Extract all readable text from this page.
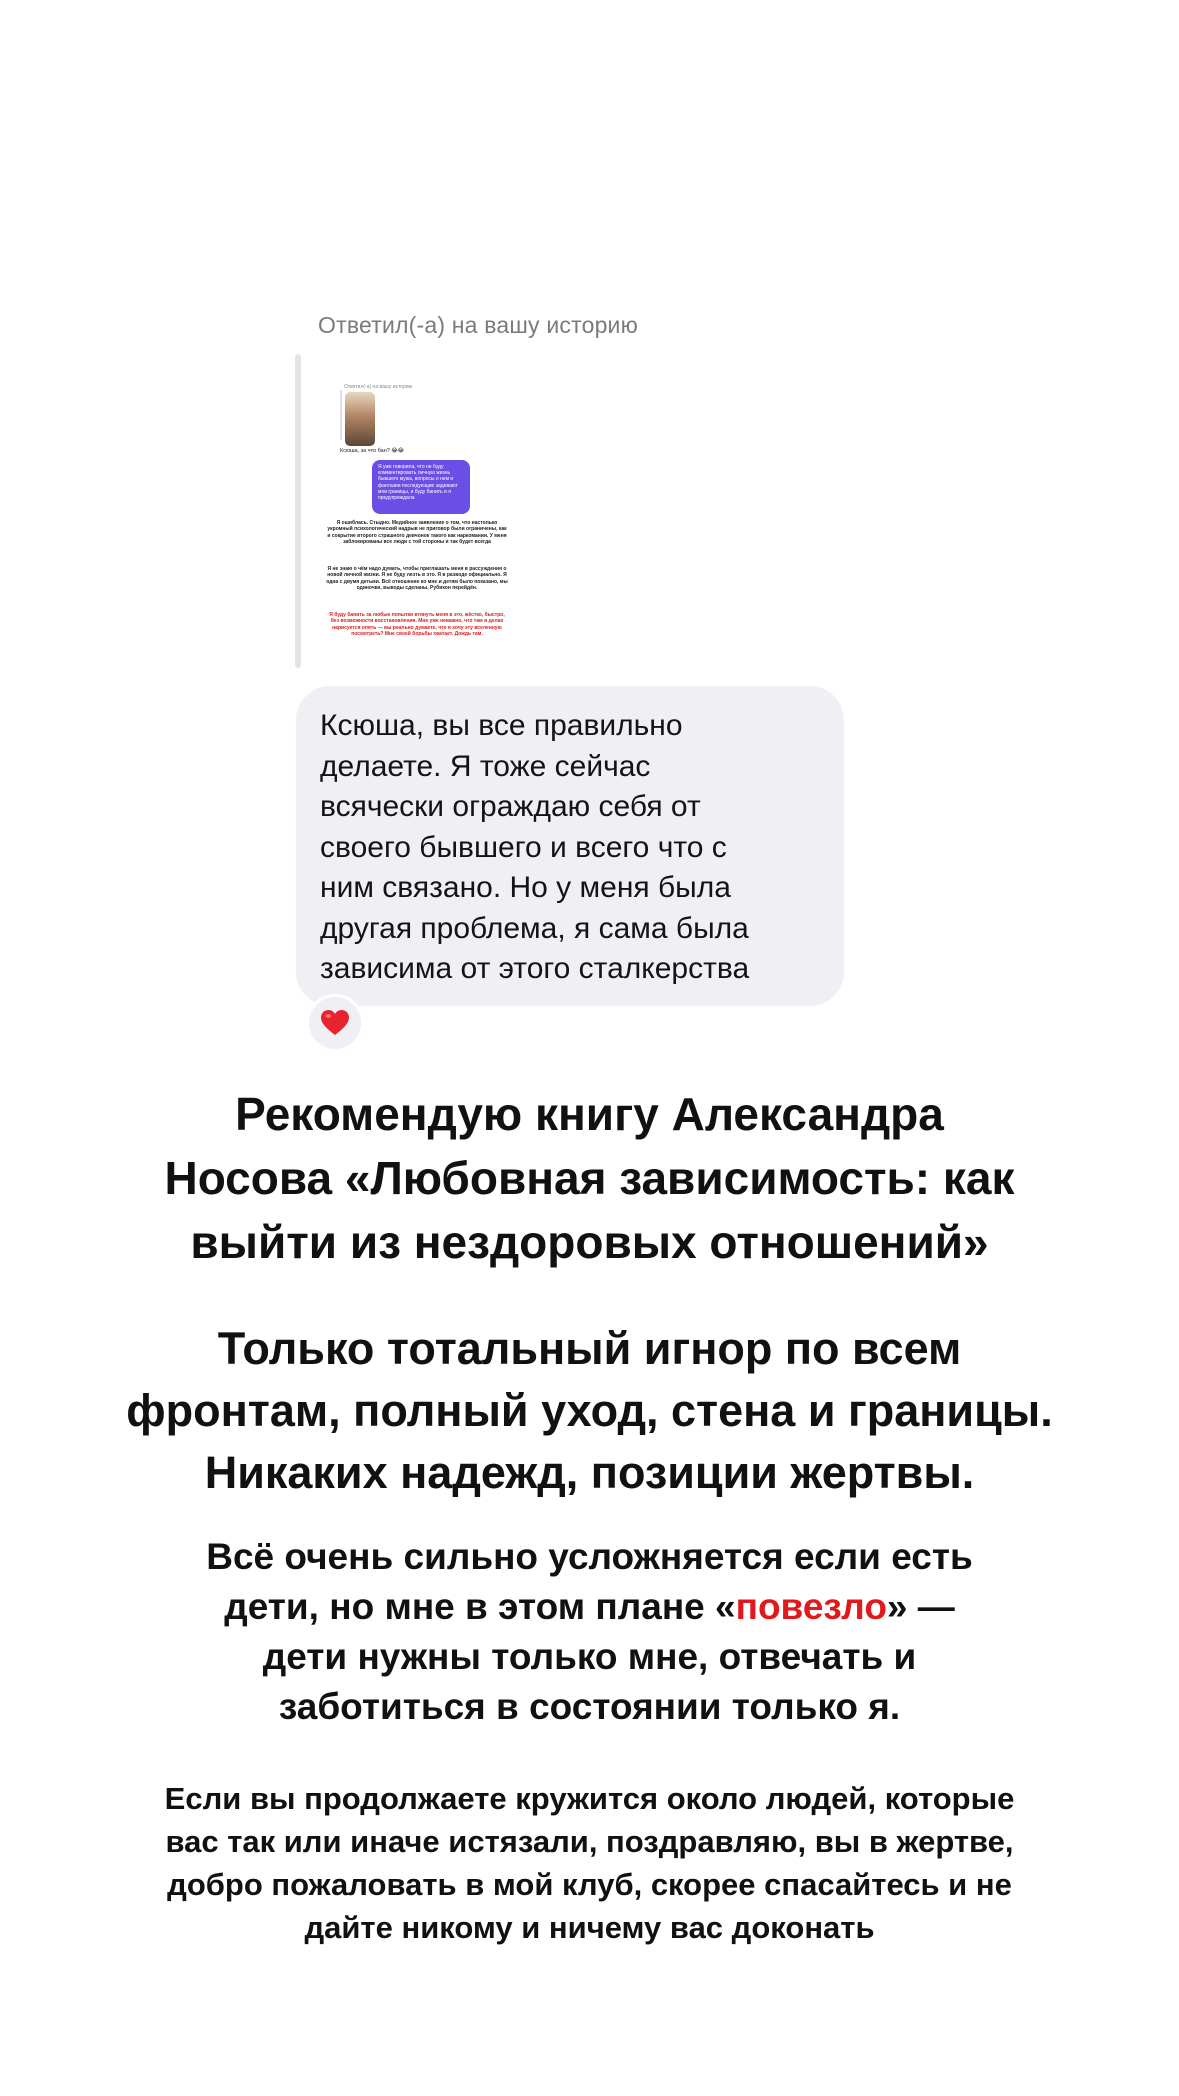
Ответил(-а) на вашу историю
Ответил(-а) на вашу историю
Ксюша, за что бан? 😂😂
Я уже говорила, что не буду комментировать личную жизнь бывшего мужа, вопросы о нем и фантазии последующие задевают мои границы, и буду банить и я предупреждала
Я ошиблась. Стыдно. Медийное заявление о том, что настолько укромный психологический надрыв не приговор были ограничены, как и сокрытие второго страшного девчонок такого как наркомании. У меня заблокированы все люди с той стороны и так будет всегда
Я не знаю о чём надо думать, чтобы приглашать меня в рассуждения о новой личной жизни. Я не буду лезть в это. Я в разводе официально. Я одна с двумя детьми. Всё отношение ко мне и детям было показано, мы одиночки, выводы сделаны, Рубикон перейдён.
Я буду банить за любые попытки втянуть меня в это, жёстко, быстро, без возможности восстановления. Мне уже неважно, что там в делах нарисуется опять — вы реально думаете, что я хочу эту вселенную посмотреть? Мне своей борьбы хватает. Дождь там.
Ксюша, вы все правильно
делаете. Я тоже сейчас
всячески ограждаю себя от
своего бывшего и всего что с
ним связано. Но у меня была
другая проблема, я сама была
зависима от этого сталкерства
Рекомендую книгу Александра
Носова «Любовная зависимость: как
выйти из нездоровых отношений»
Только тотальный игнор по всем
фронтам, полный уход, стена и границы.
Никаких надежд, позиции жертвы.
Всё очень сильно усложняется если есть
дети, но мне в этом плане «повезло» —
дети нужны только мне, отвечать и
заботиться в состоянии только я.
Если вы продолжаете кружится около людей, которые
вас так или иначе истязали, поздравляю, вы в жертве,
добро пожаловать в мой клуб, скорее спасайтесь и не
дайте никому и ничему вас доконать
